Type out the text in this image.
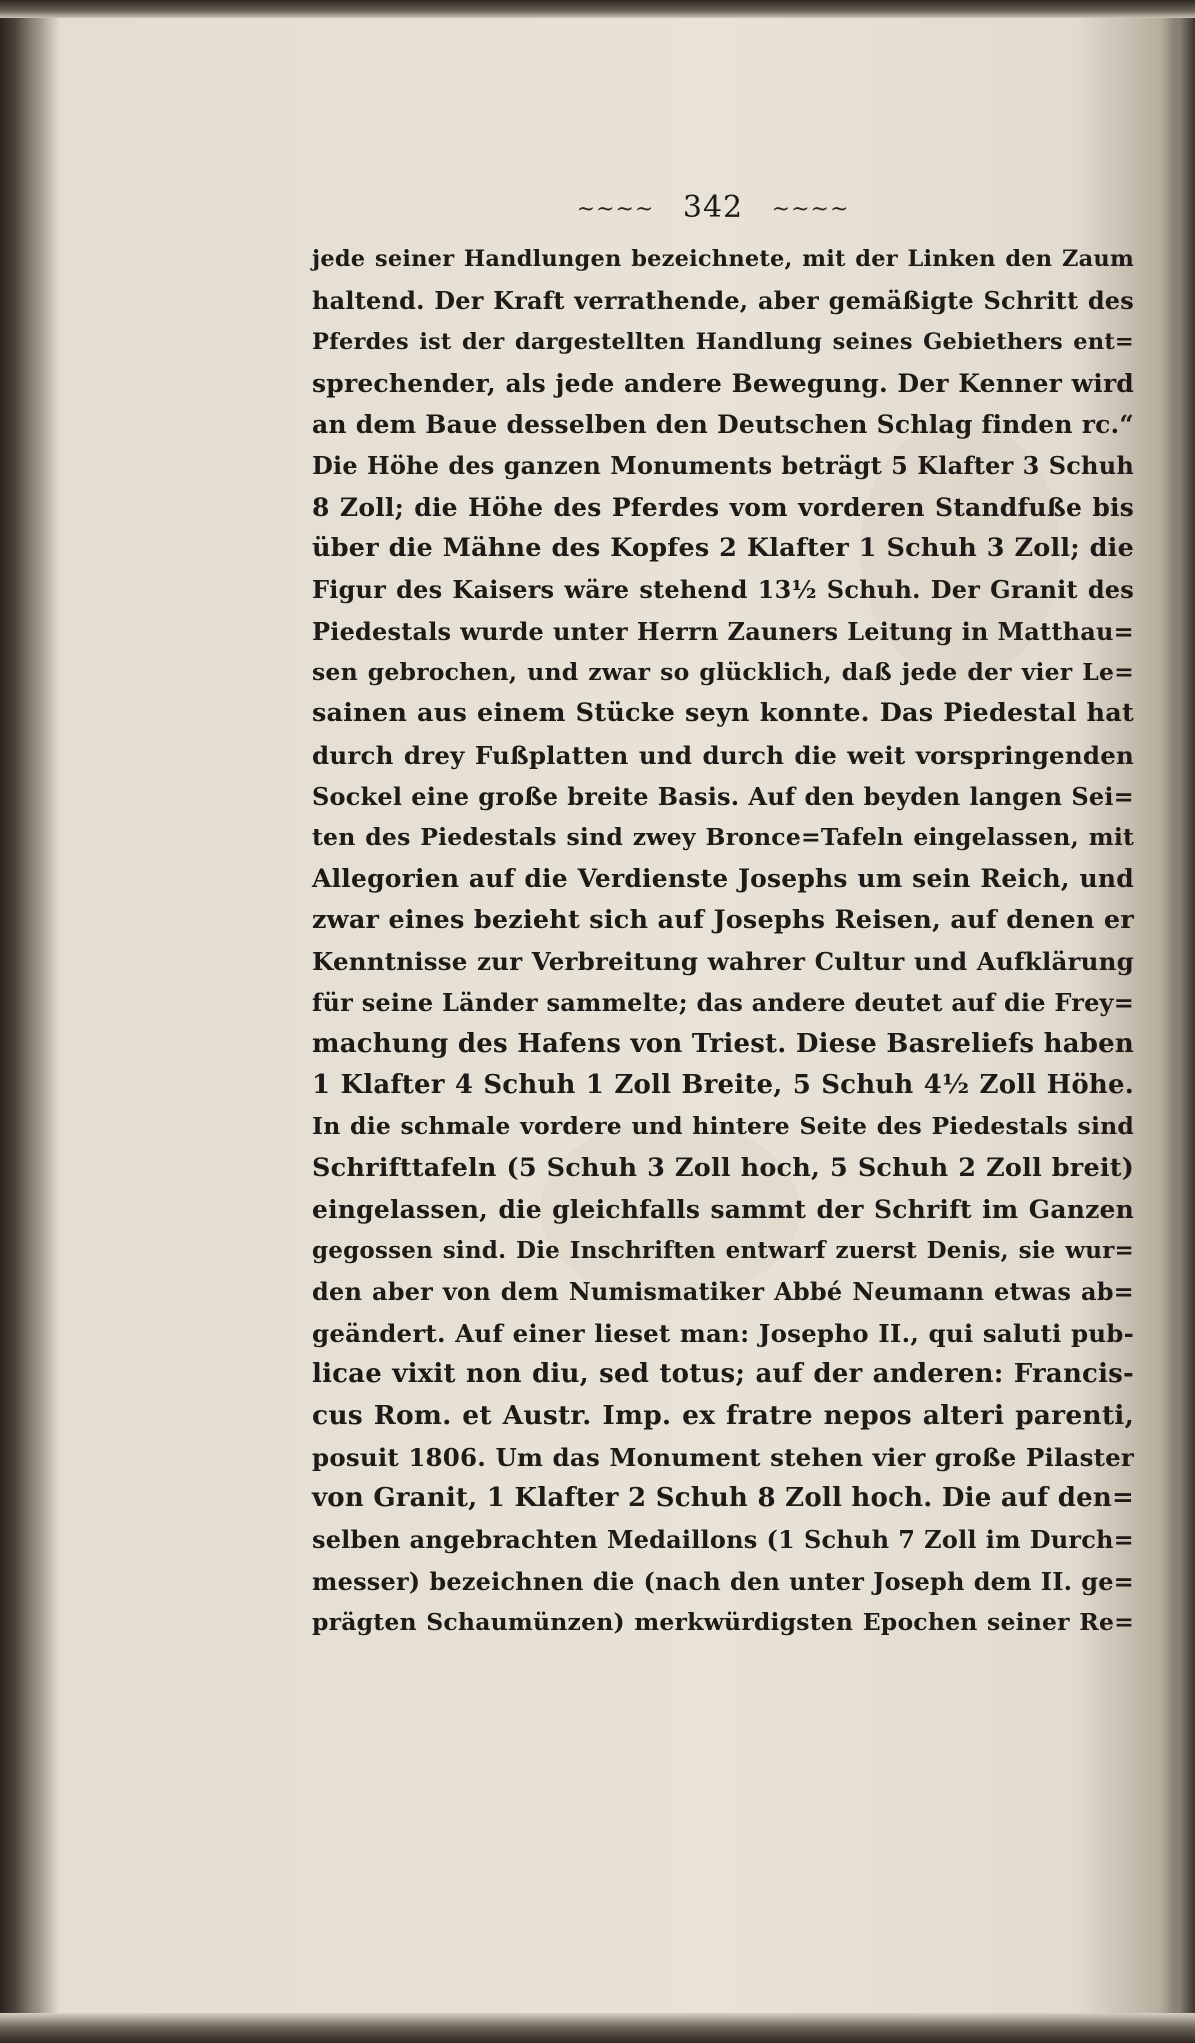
~~~~ 342 ~~~~
jede seiner Handlungen bezeichnete, mit der Linken den Zaum
haltend. Der Kraft verrathende, aber gemäßigte Schritt des
Pferdes ist der dargestellten Handlung seines Gebiethers ent=
sprechender, als jede andere Bewegung. Der Kenner wird
an dem Baue desselben den Deutschen Schlag finden rc.“
Die Höhe des ganzen Monuments beträgt 5 Klafter 3 Schuh
8 Zoll; die Höhe des Pferdes vom vorderen Standfuße bis
über die Mähne des Kopfes 2 Klafter 1 Schuh 3 Zoll; die
Figur des Kaisers wäre stehend 13½ Schuh. Der Granit des
Piedestals wurde unter Herrn Zauners Leitung in Matthau=
sen gebrochen, und zwar so glücklich, daß jede der vier Le=
sainen aus einem Stücke seyn konnte. Das Piedestal hat
durch drey Fußplatten und durch die weit vorspringenden
Sockel eine große breite Basis. Auf den beyden langen Sei=
ten des Piedestals sind zwey Bronce=Tafeln eingelassen, mit
Allegorien auf die Verdienste Josephs um sein Reich, und
zwar eines bezieht sich auf Josephs Reisen, auf denen er
Kenntnisse zur Verbreitung wahrer Cultur und Aufklärung
für seine Länder sammelte; das andere deutet auf die Frey=
machung des Hafens von Triest. Diese Basreliefs haben
1 Klafter 4 Schuh 1 Zoll Breite, 5 Schuh 4½ Zoll Höhe.
In die schmale vordere und hintere Seite des Piedestals sind
Schrifttafeln (5 Schuh 3 Zoll hoch, 5 Schuh 2 Zoll breit)
eingelassen, die gleichfalls sammt der Schrift im Ganzen
gegossen sind. Die Inschriften entwarf zuerst Denis, sie wur=
den aber von dem Numismatiker Abbé Neumann etwas ab=
geändert. Auf einer lieset man: Josepho II., qui saluti pub-
licae vixit non diu, sed totus; auf der anderen: Francis-
cus Rom. et Austr. Imp. ex fratre nepos alteri parenti,
posuit 1806. Um das Monument stehen vier große Pilaster
von Granit, 1 Klafter 2 Schuh 8 Zoll hoch. Die auf den=
selben angebrachten Medaillons (1 Schuh 7 Zoll im Durch=
messer) bezeichnen die (nach den unter Joseph dem II. ge=
prägten Schaumünzen) merkwürdigsten Epochen seiner Re=
